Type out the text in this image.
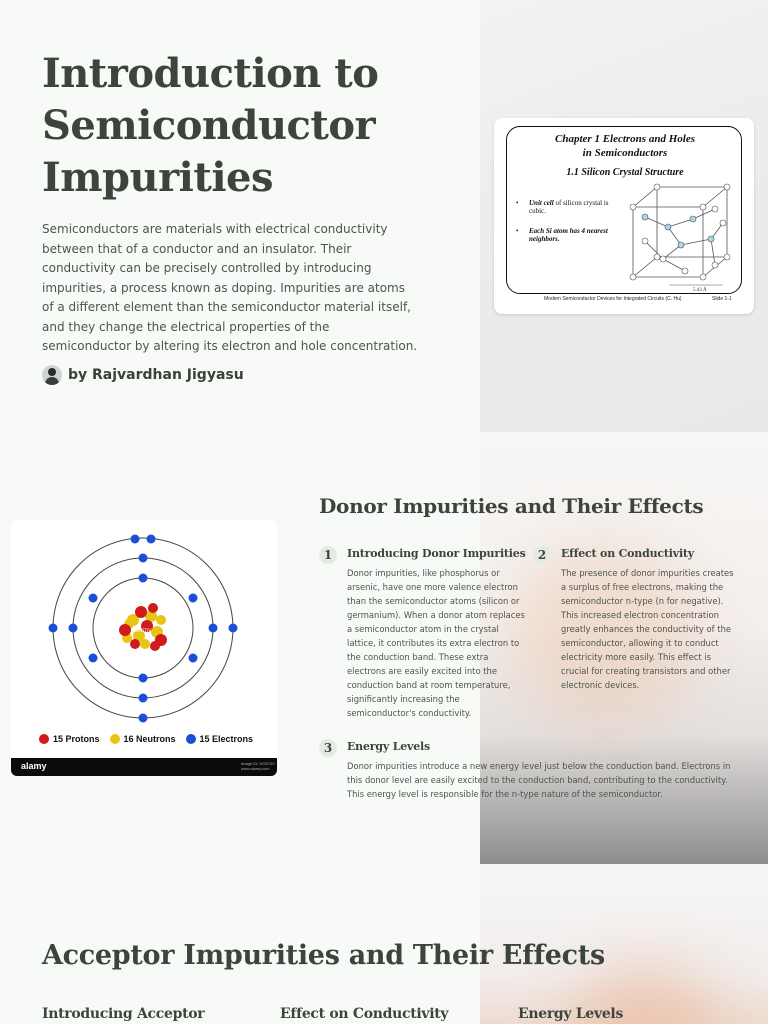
Introduction to Semiconductor Impurities

Semiconductors are materials with electrical conductivity between that of a conductor and an insulator. Their conductivity can be precisely controlled by introducing impurities, a process known as doping. Impurities are atoms of a different element than the semiconductor material itself, and they change the electrical properties of the semiconductor by altering its electron and hole concentration.

by Rajvardhan Jigyasu
Chapter 1 Electrons and Holes
in Semiconductors
1.1 Silicon Crystal Structure
• Unit cell of silicon crystal is cubic.
• Each Si atom has 4 nearest neighbors.
5.43 Å
Modern Semiconductor Devices for Integrated Circuits (C. Hu)	Slide 1-1
alamy
15 Protons	16 Neutrons	15 Electrons
alamy	Image ID: HCBT6Y
www.alamy.com
Donor Impurities and Their Effects
1	Introducing Donor Impurities
Donor impurities, like phosphorus or
arsenic, have one more valence electron
than the semiconductor atoms (silicon or
germanium). When a donor atom replaces
a semiconductor atom in the crystal
lattice, it contributes its extra electron to
the conduction band. These extra
electrons are easily excited into the
conduction band at room temperature,
significantly increasing the
semiconductor's conductivity.
2	Effect on Conductivity
The presence of donor impurities creates
a surplus of free electrons, making the
semiconductor n-type (n for negative).
This increased electron concentration
greatly enhances the conductivity of the
semiconductor, allowing it to conduct
electricity more easily. This effect is
crucial for creating transistors and other
electronic devices.
3	Energy Levels
Donor impurities introduce a new energy level just below the conduction band. Electrons in
this donor level are easily excited to the conduction band, contributing to the conductivity.
This energy level is responsible for the n-type nature of the semiconductor.
Acceptor Impurities and Their Effects
Introducing Acceptor	Effect on Conductivity	Energy Levels
